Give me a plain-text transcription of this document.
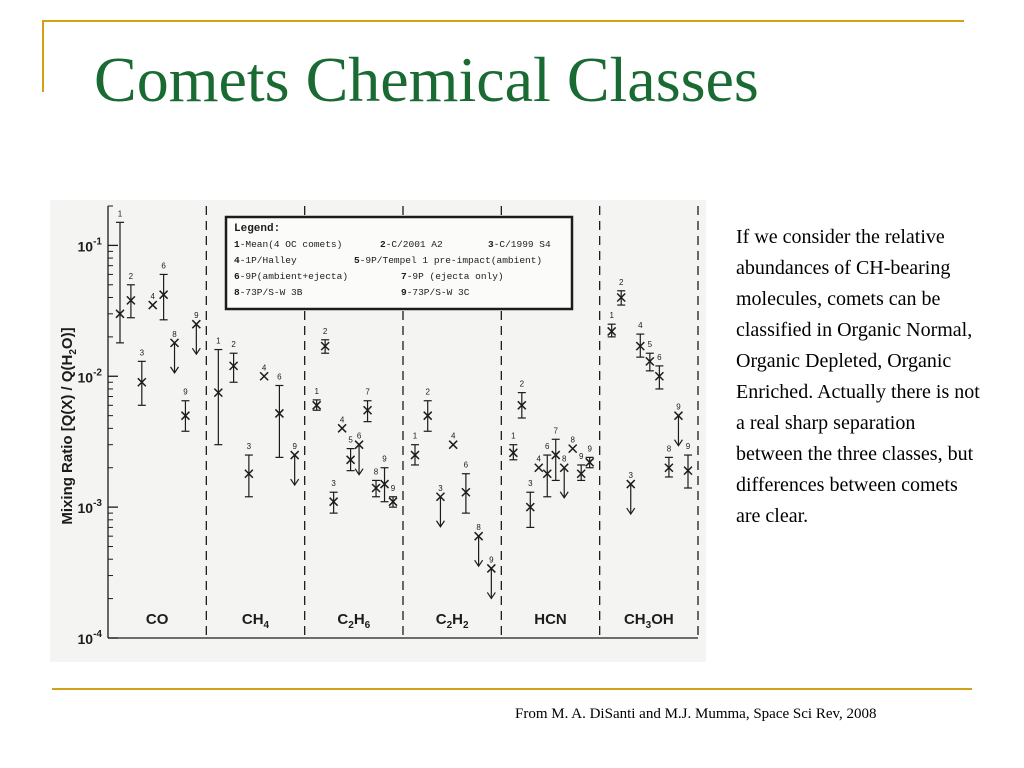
Comets Chemical Classes
Mixing Ratio $[Q(X) / Q(H_2O)]$
$10^{-1}$
$10^{-2}$
$10^{-3}$
$10^{-4}$
CO	$CH_4$	$C_2H_6$	$C_2H_2$	HCN	$CH_3OH$
1
2
3
4
6
8
9
9
1 2
3
4
6
9
1
2
3
4
5 6
7
8
9
9
1
2
3
4
6
8
9
1
2
3
4
6
7
8
8
9
9
1
2
3
4
5
6
8
9
9
Legend:
1-Mean(4 OC comets)	2-C/2001 A2	3-C/1999 S4
4-1P/Halley	5-9P/Tempel 1 pre-impact(ambient)
6-9P(ambient+ejecta)	7-9P (ejecta only)
8-73P/S-W 3B	9-73P/S-W 3C
If we consider the relative abundances of CH-bearing molecules, comets can be classified in Organic Normal, Organic Depleted, Organic Enriched. Actually there is not a real sharp separation between the three classes, but differences between comets are clear.
From M. A. DiSanti and M.J. Mumma, Space Sci Rev, 2008
